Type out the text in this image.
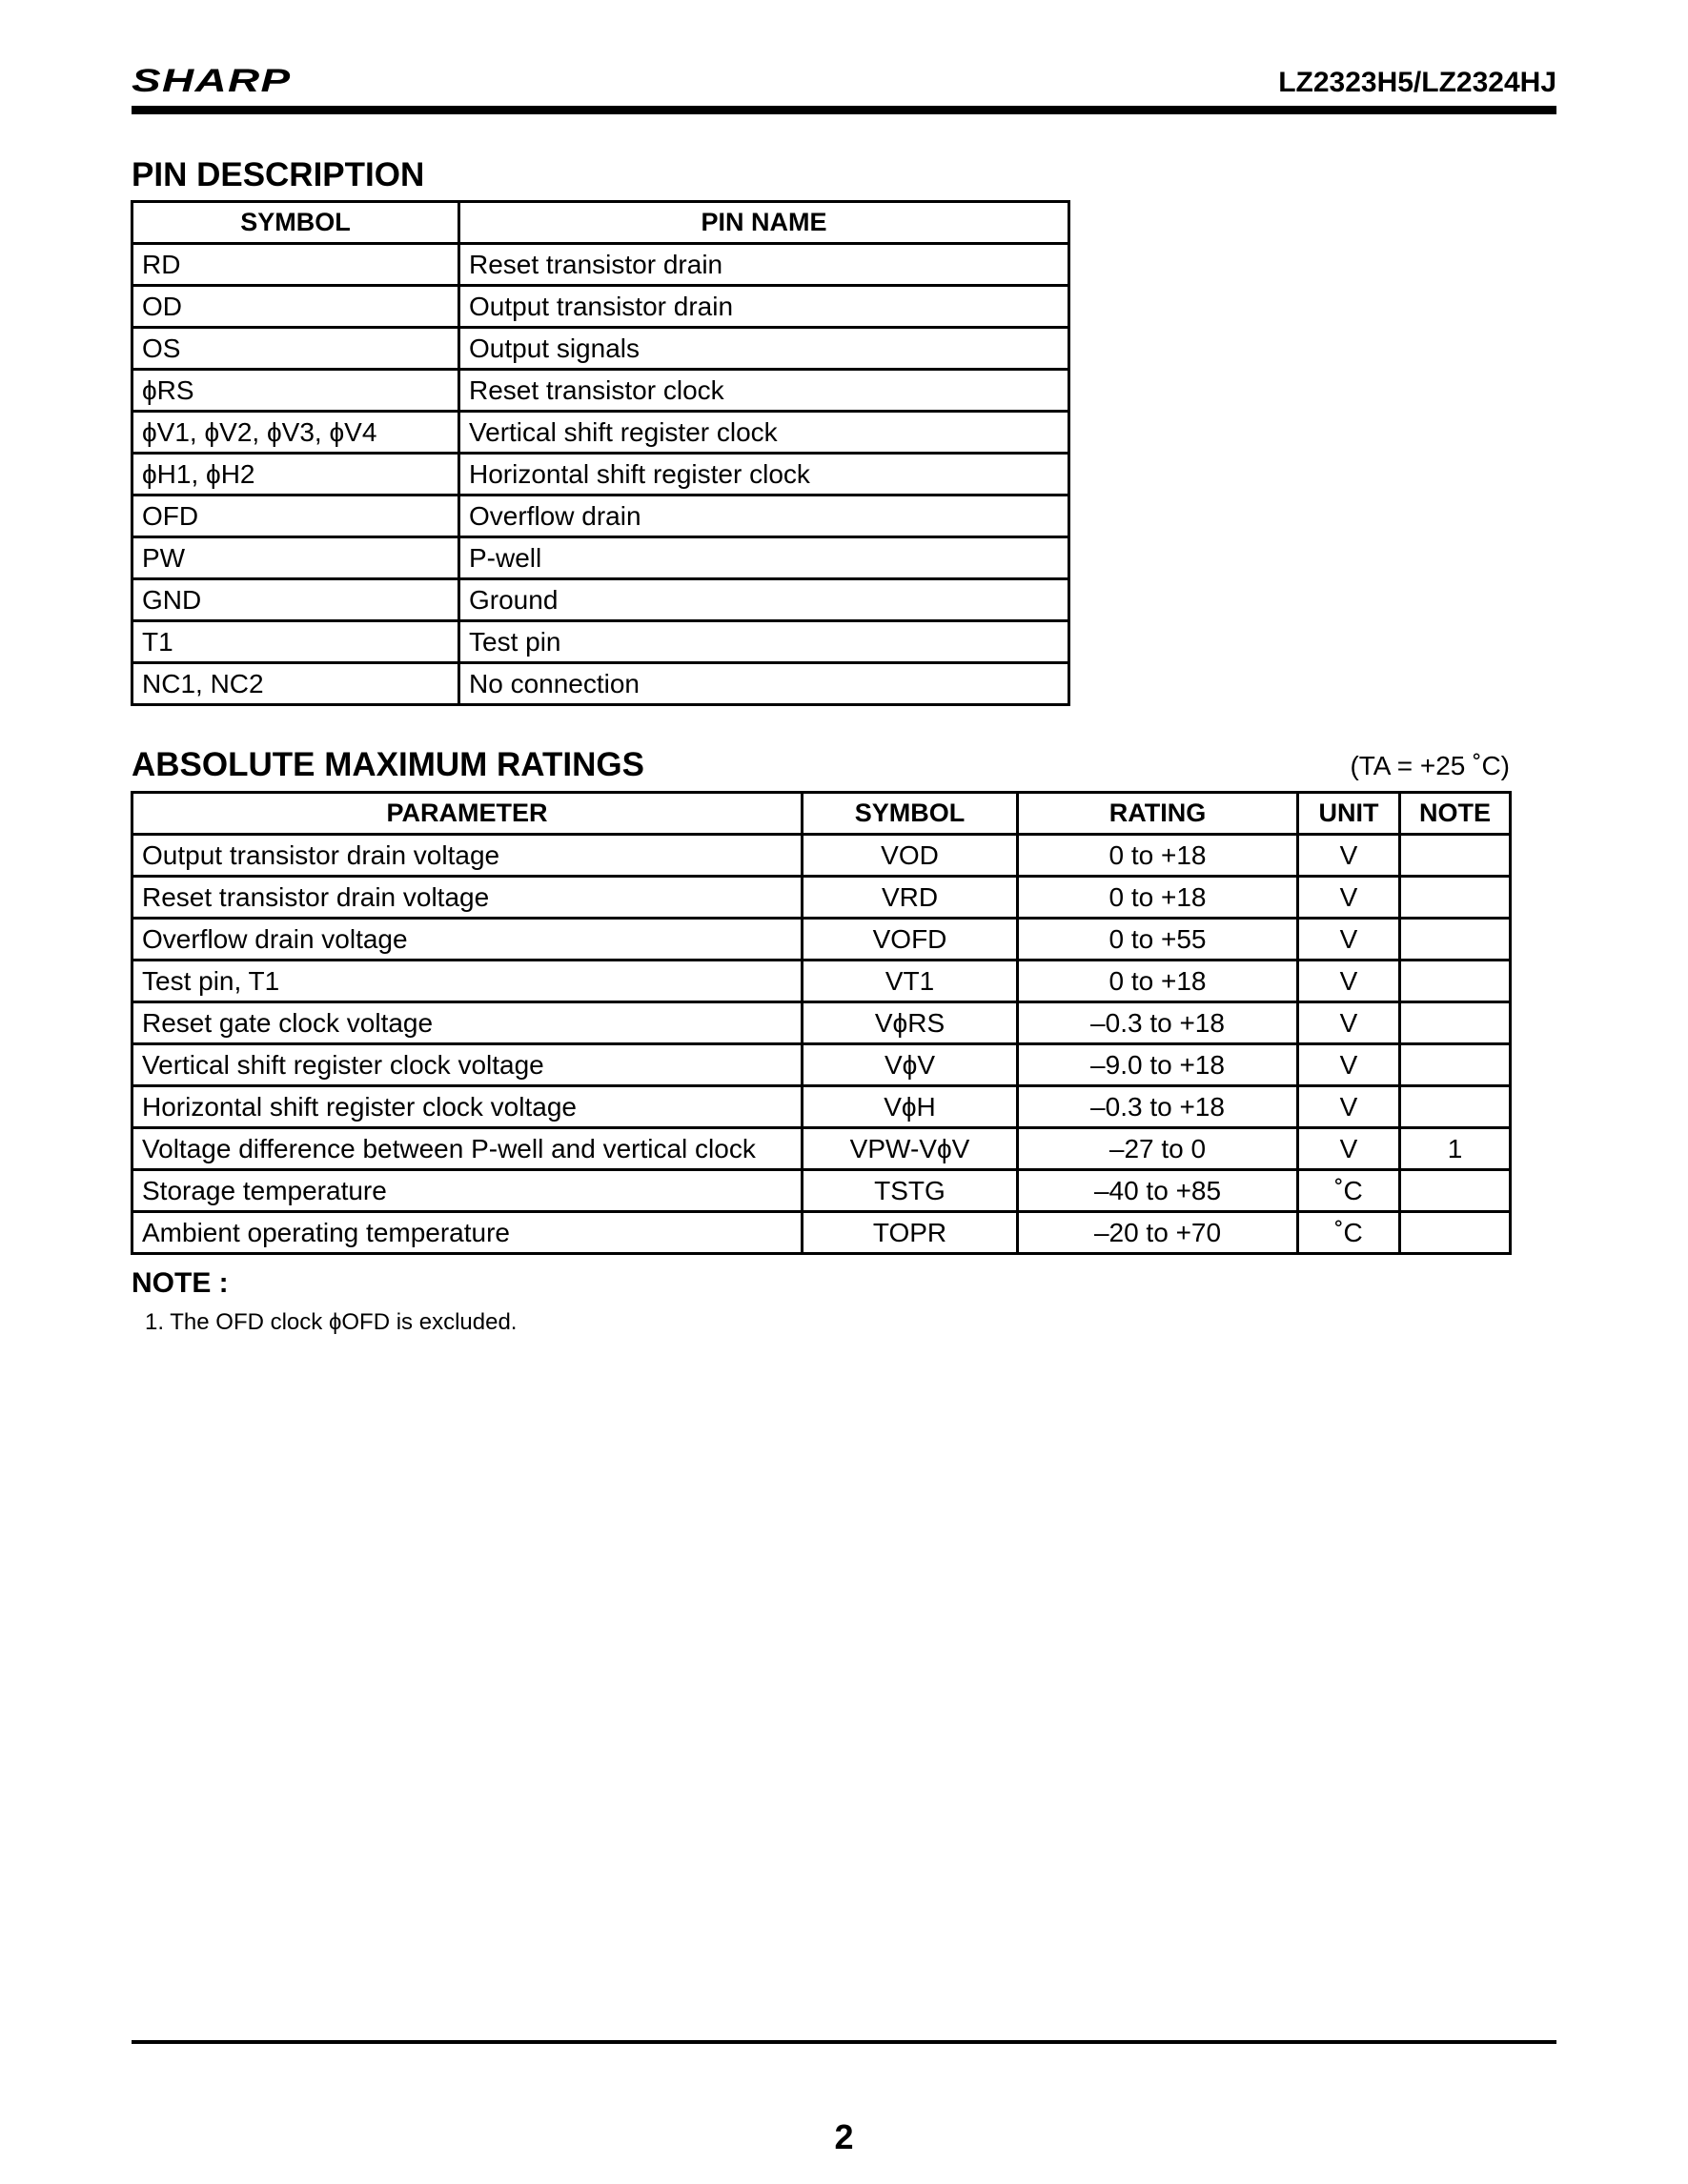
SHARP	LZ2323H5/LZ2324HJ
PIN DESCRIPTION
SYMBOL	PIN NAME
RD	Reset transistor drain
OD	Output transistor drain
OS	Output signals
ϕRS	Reset transistor clock
ϕV1, ϕV2, ϕV3, ϕV4	Vertical shift register clock
ϕH1, ϕH2	Horizontal shift register clock
OFD	Overflow drain
PW	P-well
GND	Ground
T1	Test pin
NC1, NC2	No connection
ABSOLUTE MAXIMUM RATINGS	(TA = +25 ˚C)
PARAMETER	SYMBOL	RATING	UNIT	NOTE
Output transistor drain voltage	VOD	0 to +18	V	
Reset transistor drain voltage	VRD	0 to +18	V	
Overflow drain voltage	VOFD	0 to +55	V	
Test pin, T1	VT1	0 to +18	V	
Reset gate clock voltage	VϕRS	–0.3 to +18	V	
Vertical shift register clock voltage	VϕV	–9.0 to +18	V	
Horizontal shift register clock voltage	VϕH	–0.3 to +18	V	
Voltage difference between P-well and vertical clock	VPW-VϕV	–27 to 0	V	1
Storage temperature	TSTG	–40 to +85	˚C	
Ambient operating temperature	TOPR	–20 to +70	˚C	
NOTE :
1. The OFD clock ϕOFD is excluded.
2
